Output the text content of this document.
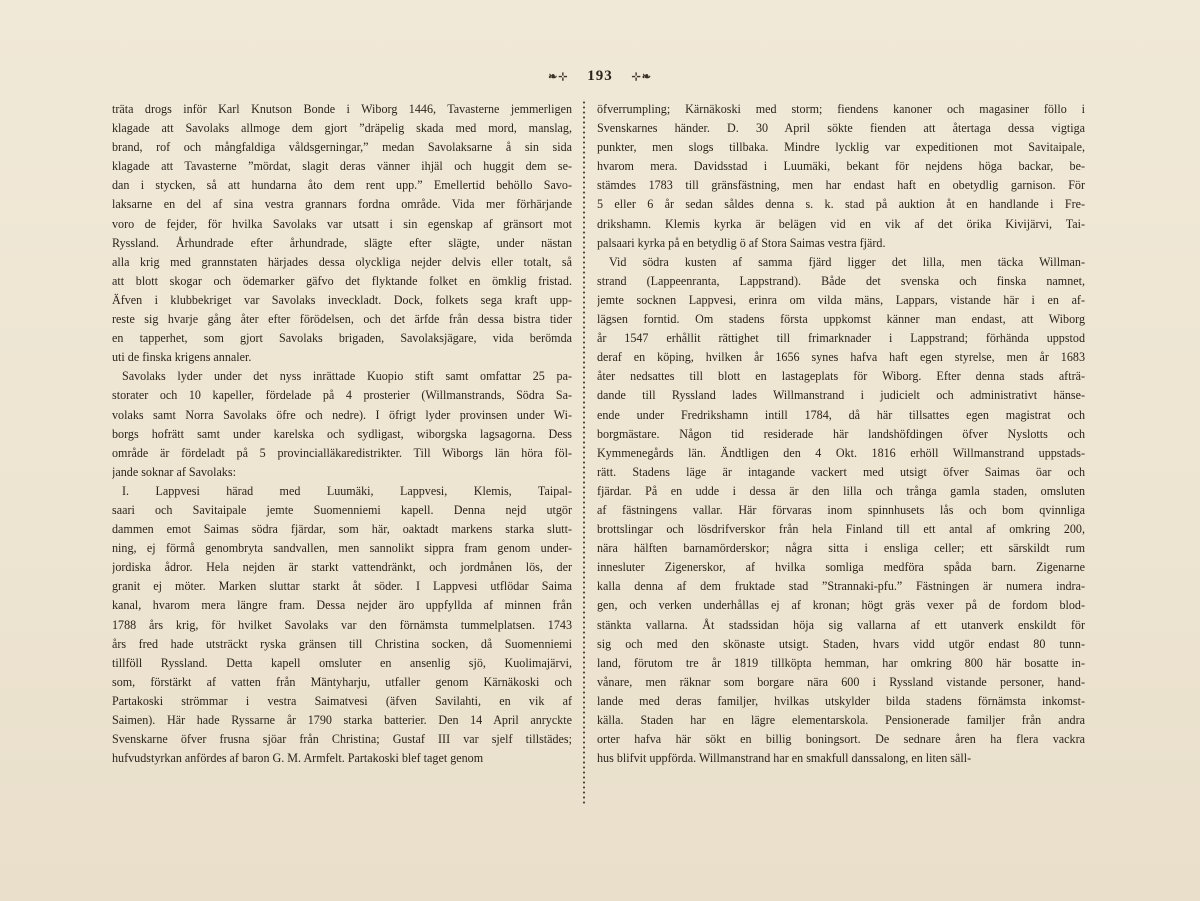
❧⊹ 193 ⊹❧
träta drogs inför Karl Knutson Bonde i Wiborg 1446, Tavasterne jemmerligen
klagade att Savolaks allmoge dem gjort ”dräpelig skada med mord, manslag,
brand, rof och mångfaldiga våldsgerningar,” medan Savolaksarne å sin sida
klagade att Tavasterne ”mördat, slagit deras vänner ihjäl och huggit dem se-
dan i stycken, så att hundarna åto dem rent upp.” Emellertid behöllo Savo-
laksarne en del af sina vestra grannars fordna område. Vida mer förhärjande
voro de fejder, för hvilka Savolaks var utsatt i sin egenskap af gränsort mot
Ryssland. Århundrade efter århundrade, slägte efter slägte, under nästan
alla krig med grannstaten härjades dessa olyckliga nejder delvis eller totalt, så
att blott skogar och ödemarker gäfvo det flyktande folket en ömklig fristad.
Äfven i klubbekriget var Savolaks inveckladt. Dock, folkets sega kraft upp-
reste sig hvarje gång åter efter förödelsen, och det ärfde från dessa bistra tider
en tapperhet, som gjort Savolaks brigaden, Savolaksjägare, vida berömda
uti de finska krigens annaler.
Savolaks lyder under det nyss inrättade Kuopio stift samt omfattar 25 pa-
storater och 10 kapeller, fördelade på 4 prosterier (Willmanstrands, Södra Sa-
volaks samt Norra Savolaks öfre och nedre). I öfrigt lyder provinsen under Wi-
borgs hofrätt samt under karelska och sydligast, wiborgska lagsagorna. Dess
område är fördeladt på 5 provincialläkaredistrikter. Till Wiborgs län höra föl-
jande soknar af Savolaks:
I. Lappvesi härad med Luumäki, Lappvesi, Klemis, Taipal-
saari och Savitaipale jemte Suomenniemi kapell. Denna nejd utgör
dammen emot Saimas södra fjärdar, som här, oaktadt markens starka slutt-
ning, ej förmå genombryta sandvallen, men sannolikt sippra fram genom under-
jordiska ådror. Hela nejden är starkt vattendränkt, och jordmånen lös, der
granit ej möter. Marken sluttar starkt åt söder. I Lappvesi utflödar Saima
kanal, hvarom mera längre fram. Dessa nejder äro uppfyllda af minnen från
1788 års krig, för hvilket Savolaks var den förnämsta tummelplatsen. 1743
års fred hade utsträckt ryska gränsen till Christina socken, då Suomenniemi
tillföll Ryssland. Detta kapell omsluter en ansenlig sjö, Kuolimajärvi,
som, förstärkt af vatten från Mäntyharju, utfaller genom Kärnäkoski och
Partakoski strömmar i vestra Saimatvesi (äfven Savilahti, en vik af
Saimen). Här hade Ryssarne år 1790 starka batterier. Den 14 April anryckte
Svenskarne öfver frusna sjöar från Christina; Gustaf III var sjelf tillstädes;
hufvudstyrkan anfördes af baron G. M. Armfelt. Partakoski blef taget genom
öfverrumpling; Kärnäkoski med storm; fiendens kanoner och magasiner föllo i
Svenskarnes händer. D. 30 April sökte fienden att återtaga dessa vigtiga
punkter, men slogs tillbaka. Mindre lycklig var expeditionen mot Savitaipale,
hvarom mera. Davidsstad i Luumäki, bekant för nejdens höga backar, be-
stämdes 1783 till gränsfästning, men har endast haft en obetydlig garnison. För
5 eller 6 år sedan såldes denna s. k. stad på auktion åt en handlande i Fre-
drikshamn. Klemis kyrka är belägen vid en vik af det örika Kivijärvi, Tai-
palsaari kyrka på en betydlig ö af Stora Saimas vestra fjärd.
Vid södra kusten af samma fjärd ligger det lilla, men täcka Willman-
strand (Lappeenranta, Lappstrand). Både det svenska och finska namnet,
jemte socknen Lappvesi, erinra om vilda mäns, Lappars, vistande här i en af-
lägsen forntid. Om stadens första uppkomst känner man endast, att Wiborg
år 1547 erhållit rättighet till frimarknader i Lappstrand; förhända uppstod
deraf en köping, hvilken år 1656 synes hafva haft egen styrelse, men år 1683
åter nedsattes till blott en lastageplats för Wiborg. Efter denna stads afträ-
dande till Ryssland lades Willmanstrand i judicielt och administrativt hänse-
ende under Fredrikshamn intill 1784, då här tillsattes egen magistrat och
borgmästare. Någon tid residerade här landshöfdingen öfver Nyslotts och
Kymmenegårds län. Ändtligen den 4 Okt. 1816 erhöll Willmanstrand uppstads-
rätt. Stadens läge är intagande vackert med utsigt öfver Saimas öar och
fjärdar. På en udde i dessa är den lilla och trånga gamla staden, omsluten
af fästningens vallar. Här förvaras inom spinnhusets lås och bom qvinnliga
brottslingar och lösdrifverskor från hela Finland till ett antal af omkring 200,
nära hälften barnamörderskor; några sitta i ensliga celler; ett särskildt rum
innesluter Zigenerskor, af hvilka somliga medföra spåda barn. Zigenarne
kalla denna af dem fruktade stad ”Strannaki-pfu.” Fästningen är numera indra-
gen, och verken underhållas ej af kronan; högt gräs vexer på de fordom blod-
stänkta vallarna. Åt stadssidan höja sig vallarna af ett utanverk enskildt för
sig och med den skönaste utsigt. Staden, hvars vidd utgör endast 80 tunn-
land, förutom tre år 1819 tillköpta hemman, har omkring 800 här bosatte in-
vånare, men räknar som borgare nära 600 i Ryssland vistande personer, hand-
lande med deras familjer, hvilkas utskylder bilda stadens förnämsta inkomst-
källa. Staden har en lägre elementarskola. Pensionerade familjer från andra
orter hafva här sökt en billig boningsort. De sednare åren ha flera vackra
hus blifvit uppförda. Willmanstrand har en smakfull danssalong, en liten säll-
